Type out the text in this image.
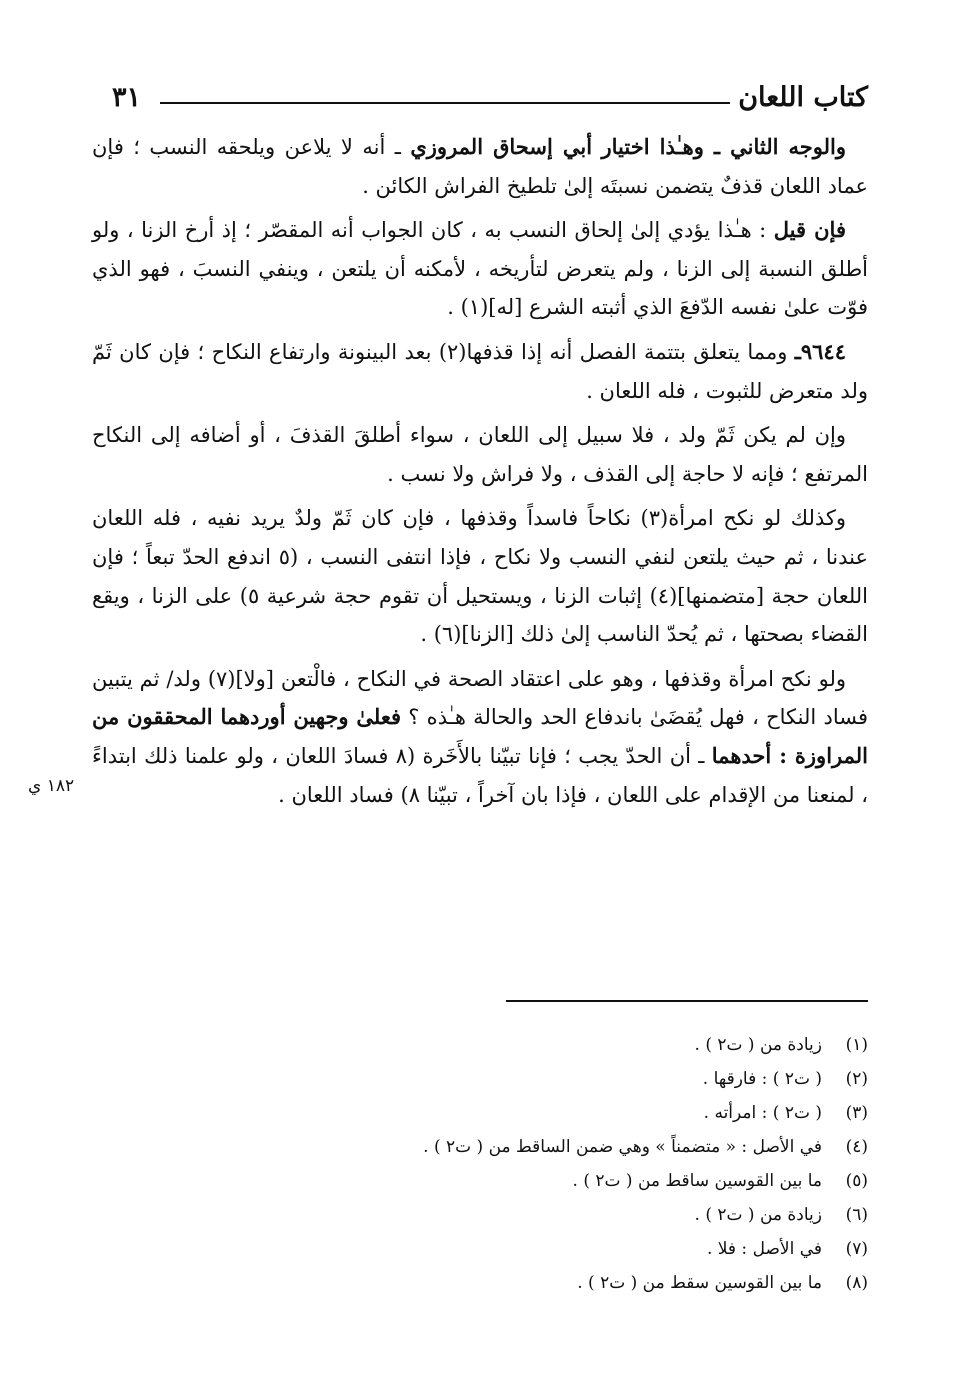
كتاب اللعان
٣١
١٨٢ ي

والوجه الثاني ـ وهـٰذا اختيار أبي إسحاق المروزي ـ أنه لا يلاعن ويلحقه النسب ؛ فإن عماد اللعان قذفٌ يتضمن نسبتَه إلىٰ تلطيخ الفراش الكائن .

فإن قيل : هـٰذا يؤدي إلىٰ إلحاق النسب به ، كان الجواب أنه المقصّر ؛ إذ أرخ الزنا ، ولو أطلق النسبة إلى الزنا ، ولم يتعرض لتأريخه ، لأمكنه أن يلتعن ، وينفي النسبَ ، فهو الذي فوّت علىٰ نفسه الدّفعَ الذي أثبته الشرع [له](١) .

٩٦٤٤ـ ومما يتعلق بتتمة الفصل أنه إذا قذفها(٢) بعد البينونة وارتفاع النكاح ؛ فإن كان ثَمّ ولد متعرض للثبوت ، فله اللعان .

وإن لم يكن ثَمّ ولد ، فلا سبيل إلى اللعان ، سواء أطلقَ القذفَ ، أو أضافه إلى النكاح المرتفع ؛ فإنه لا حاجة إلى القذف ، ولا فراش ولا نسب .

وكذلك لو نكح امرأة(٣) نكاحاً فاسداً وقذفها ، فإن كان ثَمّ ولدٌ يريد نفيه ، فله اللعان عندنا ، ثم حيث يلتعن لنفي النسب ولا نكاح ، فإذا انتفى النسب ، (٥ اندفع الحدّ تبعاً ؛ فإن اللعان حجة [متضمنها](٤) إثبات الزنا ، ويستحيل أن تقوم حجة شرعية ٥) على الزنا ، ويقع القضاء بصحتها ، ثم يُحدّ الناسب إلىٰ ذلك [الزنا](٦) .

ولو نكح امرأة وقذفها ، وهو على اعتقاد الصحة في النكاح ، فالْتعن [ولا](٧) ولد/ ثم يتبين فساد النكاح ، فهل يُقضَىٰ باندفاع الحد والحالة هـٰذه ؟ فعلىٰ وجهين أوردهما المحققون من المراوزة : أحدهما ـ أن الحدّ يجب ؛ فإنا تبيّنا بالأَخَرة (٨ فسادَ اللعان ، ولو علمنا ذلك ابتداءً ، لمنعنا من الإقدام على اللعان ، فإذا بان آخراً ، تبيّنا ٨) فساد اللعان .

(١)
زيادة من ( ت٢ ) .
(٢)
( ت٢ ) : فارقها .
(٣)
( ت٢ ) : امرأته .
(٤)
في الأصل : « متضمناً » وهي ضمن الساقط من ( ت٢ ) .
(٥)
ما بين القوسين ساقط من ( ت٢ ) .
(٦)
زيادة من ( ت٢ ) .
(٧)
في الأصل : فلا .
(٨)
ما بين القوسين سقط من ( ت٢ ) .
